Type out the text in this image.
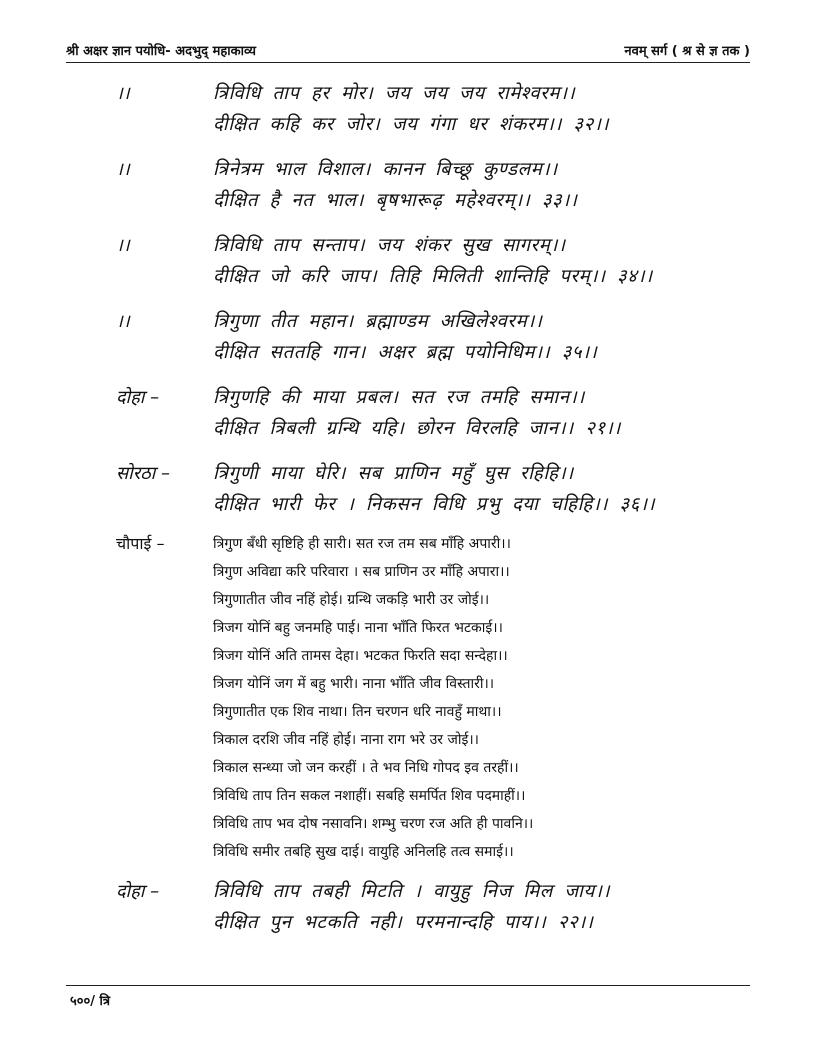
श्री अक्षर ज्ञान पयोधि- अदभुद् महाकाव्य	नवम् सर्ग ( श्र से ज्ञ तक )
।।	त्रिविधि ताप हर मोर। जय जय जय रामेश्वरम।।
दीक्षित कहि कर जोर। जय गंगा धर शंकरम।। ३२।।
।।	त्रिनेत्रम भाल विशाल। कानन बिच्छू कुण्डलम।।
दीक्षित है नत भाल। बृषभारूढ़ महेश्वरम्।। ३३।।
।।	त्रिविधि ताप सन्ताप। जय शंकर सुख सागरम्।।
दीक्षित जो करि जाप। तिहि मिलिती शान्तिहि परम्।। ३४।।
।।	त्रिगुणा तीत महान। ब्रह्माण्डम अखिलेश्वरम।।
दीक्षित सततहि गान। अक्षर ब्रह्म पयोनिधिम।। ३५।।
दोहा –	त्रिगुणहि की माया प्रबल। सत रज तमहि समान।।
दीक्षित त्रिबली ग्रन्थि यहि। छोरन विरलहि जान।। २१।।
सोरठा –	त्रिगुणी माया घेरि। सब प्राणिन महुँ घुस रहिहि।।
दीक्षित भारी फेर । निकसन विधि प्रभु दया चहिहि।। ३६।।
चौपाई –	त्रिगुण बँधी सृष्टिहि ही सारी। सत रज तम सब माँहि अपारी।।
त्रिगुण अविद्या करि परिवारा । सब प्राणिन उर माँहि अपारा।।
त्रिगुणातीत जीव नहिं होई। ग्रन्थि जकड़ि भारी उर जोई।।
त्रिजग योनिं बहु जनमहि पाई। नाना भाँति फिरत भटकाई।।
त्रिजग योनिं अति तामस देहा। भटकत फिरति सदा सन्देहा।।
त्रिजग योनिं जग में बहु भारी। नाना भाँति जीव विस्तारी।।
त्रिगुणातीत एक शिव नाथा। तिन चरणन धरि नावहुँ माथा।।
त्रिकाल दरशि जीव नहिं होई। नाना राग भरे उर जोई।।
त्रिकाल सन्ध्या जो जन करहीं । ते भव निधि गोपद इव तरहीं।।
त्रिविधि ताप तिन सकल नशाहीं। सबहि समर्पित शिव पदमाहीं।।
त्रिविधि ताप भव दोष नसावनि। शम्भु चरण रज अति ही पावनि।।
त्रिविधि समीर तबहि सुख दाई। वायुहि अनिलहि तत्व समाई।।
दोहा –	त्रिविधि ताप तबही मिटति । वायुहु निज मिल जाय।।
दीक्षित पुन भटकति नही। परमनान्दहि पाय।। २२।।
५००/ त्रि
